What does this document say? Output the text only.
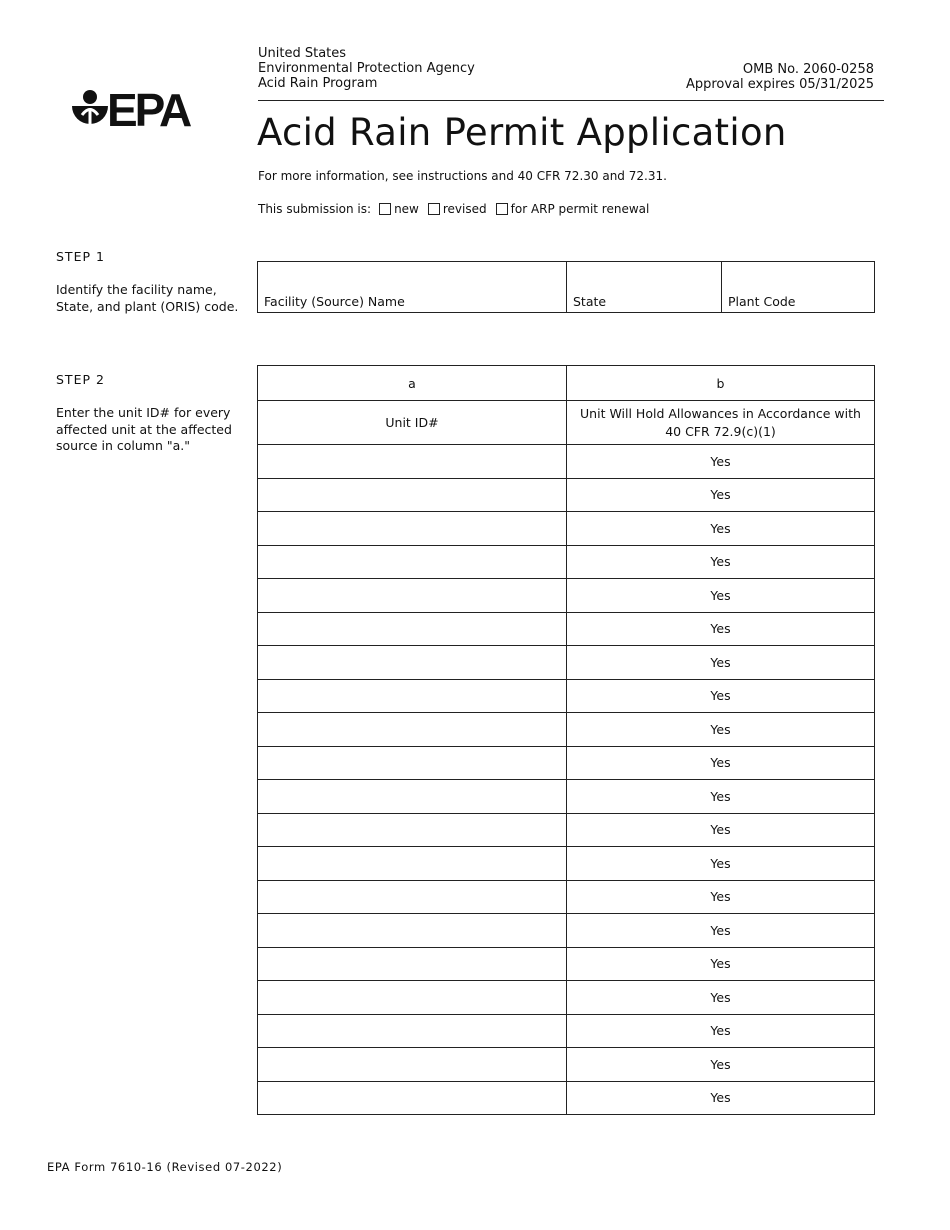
EPA
United States
Environmental Protection Agency
Acid Rain Program
OMB No. 2060-0258
Approval expires 05/31/2025
Acid Rain Permit Application
For more information, see instructions and 40 CFR 72.30 and 72.31.
This submission is: new revised for ARP permit renewal
STEP 1
Identify the facility name, State, and plant (ORIS) code.	Facility (Source) Name	State	Plant Code
STEP 2
Enter the unit ID# for every affected unit at the affected source in column "a."
a	b
Unit ID#	Unit Will Hold Allowances in Accordance with 40 CFR 72.9(c)(1)
	Yes
	Yes
	Yes
	Yes
	Yes
	Yes
	Yes
	Yes
	Yes
	Yes
	Yes
	Yes
	Yes
	Yes
	Yes
	Yes
	Yes
	Yes
	Yes
	Yes
EPA Form 7610-16 (Revised 07-2022)
